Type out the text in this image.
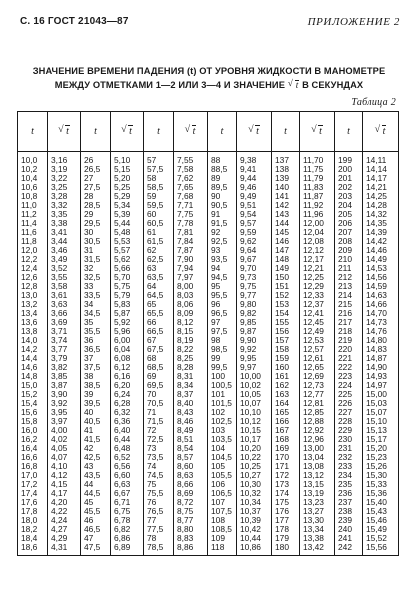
С. 16 ГОСТ 21043—87	ПРИЛОЖЕНИЕ 2
ЗНАЧЕНИЕ ВРЕМЕНИ ПАДЕНИЯ (t) ОТ УРОВНЯ ЖИДКОСТИ В МАНОМЕТРЕ
МЕЖДУ ОТМЕТКАМИ 1—2 ИЛИ 3—4 И ЗНАЧЕНИЕ √ t В СЕКУНДАХ
Таблица 2
t	√ t	t	√ t	t	√ t	t	√ t	t	√ t	t	√ t
10,0	3,16	26	5,10	57	7,55	88	9,38	137	11,70	199	14,11
10,2	3,19	26,5	5,15	57,5	7,58	88,5	9,41	138	11,75	200	14,14
10,4	3,22	27	5,20	58	7,62	89	9,44	139	11,79	201	14,17
10,6	3,25	27,5	5,25	58,5	7,65	89,5	9,46	140	11,83	202	14,21
10,8	3,28	28	5,29	59	7,68	90	9,49	141	11,87	203	14,25
11,0	3,32	28,5	5,34	59,5	7,71	90,5	9,51	142	11,92	204	14,28
11,2	3,35	29	5,39	60	7,75	91	9,54	143	11,96	205	14,32
11,4	3,38	29,5	5,44	60,5	7,78	91,5	9,57	144	12,00	206	14,35
11,6	3,41	30	5,48	61	7,81	92	9,59	145	12,04	207	14,39
11,8	3,44	30,5	5,53	61,5	7,84	92,5	9,62	146	12,08	208	14,42
12,0	3,46	31	5,57	62	7,87	93	9,64	147	12,12	209	14,46
12,2	3,49	31,5	5,62	62,5	7,90	93,5	9,67	148	12,17	210	14,49
12,4	3,52	32	5,66	63	7,94	94	9,70	149	12,21	211	14,53
12,6	3,55	32,5	5,70	63,5	7,97	94,5	9,73	150	12,25	212	14,56
12,8	3,58	33	5,75	64	8,00	95	9,75	151	12,29	213	14,59
13,0	3,61	33,5	5,79	64,5	8,03	95,5	9,77	152	12,33	214	14,63
13,2	3,63	34	5,83	65	8,06	96	9,80	153	12,37	215	14,66
13,4	3,66	34,5	5,87	65,5	8,09	96,5	9,82	154	12,41	216	14,70
13,6	3,69	35	5,92	66	8,12	97	9,85	155	12,45	217	14,73
13,8	3,71	35,5	5,96	66,5	8,15	97,5	9,87	156	12,49	218	14,76
14,0	3,74	36	6,00	67	8,19	98	9,90	157	12,53	219	14,80
14,2	3,77	36,5	6,04	67,5	8,22	98,5	9,92	158	12,57	220	14,83
14,4	3,79	37	6,08	68	8,25	99	9,95	159	12,61	221	14,87
14,6	3,82	37,5	6,12	68,5	8,28	99,5	9,97	160	12,65	222	14,90
14,8	3,85	38	6,16	69	8,31	100	10,00	161	12,69	223	14,93
15,0	3,87	38,5	6,20	69,5	8,34	100,5	10,02	162	12,73	224	14,97
15,2	3,90	39	6,24	70	8,37	101	10,05	163	12,77	225	15,00
15,4	3,92	39,5	6,28	70,5	8,40	101,5	10,07	164	12,81	226	15,03
15,6	3,95	40	6,32	71	8,43	102	10,10	165	12,85	227	15,07
15,8	3,97	40,5	6,36	71,5	8,46	102,5	10,12	166	12,88	228	15,10
16,0	4,00	41	6,40	72	8,49	103	10,15	167	12,92	229	15,13
16,2	4,02	41,5	6,44	72,5	8,51	103,5	10,17	168	12,96	230	15,17
16,4	4,05	42	6,48	73	8,54	104	10,20	169	13,00	231	15,20
16,6	4,07	42,5	6,52	73,5	8,57	104,5	10,22	170	13,04	232	15,23
16,8	4,10	43	6,56	74	8,60	105	10,25	171	13,08	233	15,26
17,0	4,12	43,5	6,60	74,5	8,63	105,5	10,27	172	13,12	234	15,30
17,2	4,15	44	6,63	75	8,66	106	10,30	173	13,15	235	15,33
17,4	4,17	44,5	6,67	75,5	8,69	106,5	10,32	174	13,19	236	15,36
17,6	4,20	45	6,71	76	8,72	107	10,34	175	13,23	237	15,40
17,8	4,22	45,5	6,75	76,5	8,75	107,5	10,37	176	13,27	238	15,43
18,0	4,24	46	6,78	77	8,77	108	10,39	177	13,30	239	15,46
18,2	4,27	46,5	6,82	77,5	8,80	108,5	10,42	178	13,34	240	15,49
18,4	4,29	47	6,86	78	8,83	109	10,44	179	13,38	241	15,52
18,6	4,31	47,5	6,89	78,5	8,86	118	10,86	180	13,42	242	15,56
